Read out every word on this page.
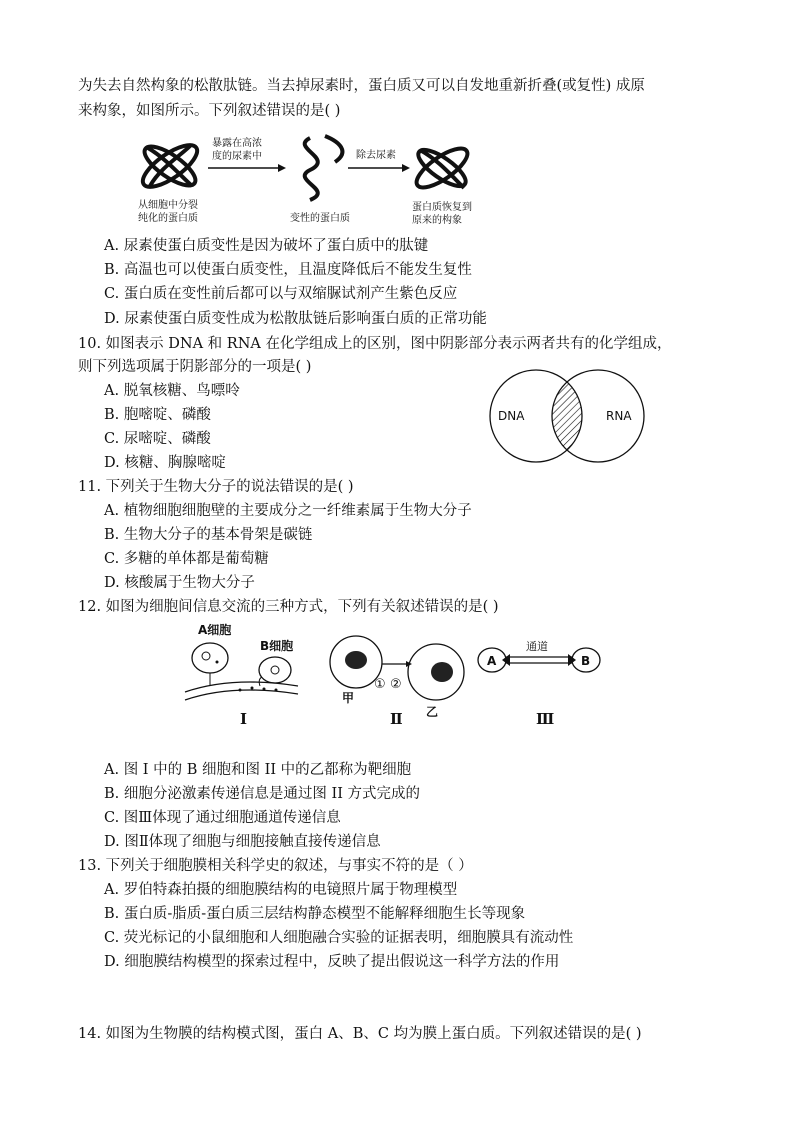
为失去自然构象的松散肽链。当去掉尿素时，蛋白质又可以自发地重新折叠(或复性) 成原
来构象，如图所示。下列叙述错误的是( )
从细胞中分裂
纯化的蛋白质
暴露在高浓
度的尿素中
变性的蛋白质
除去尿素
蛋白质恢复到
原来的构象
A. 尿素使蛋白质变性是因为破坏了蛋白质中的肽键
B. 高温也可以使蛋白质变性，且温度降低后不能发生复性
C. 蛋白质在变性前后都可以与双缩脲试剂产生紫色反应
D. 尿素使蛋白质变性成为松散肽链后影响蛋白质的正常功能
10. 如图表示 DNA 和 RNA 在化学组成上的区别，图中阴影部分表示两者共有的化学组成，
则下列选项属于阴影部分的一项是( )
A. 脱氧核糖、鸟嘌呤
B. 胞嘧啶、磷酸
C. 尿嘧啶、磷酸
D. 核糖、胸腺嘧啶
DNA	RNA
11. 下列关于生物大分子的说法错误的是( )
A. 植物细胞细胞壁的主要成分之一纤维素属于生物大分子
B. 生物大分子的基本骨架是碳链
C. 多糖的单体都是葡萄糖
D. 核酸属于生物大分子
12. 如图为细胞间信息交流的三种方式，下列有关叙述错误的是( )
A细胞
B细胞
I
甲
① ②
乙
Ⅱ
A	B
通道
Ⅲ
A. 图 I 中的 B 细胞和图 II 中的乙都称为靶细胞
B. 细胞分泌激素传递信息是通过图 II 方式完成的
C. 图Ⅲ体现了通过细胞通道传递信息
D. 图Ⅱ体现了细胞与细胞接触直接传递信息
13. 下列关于细胞膜相关科学史的叙述，与事实不符的是（ ）
A. 罗伯特森拍摄的细胞膜结构的电镜照片属于物理模型
B. 蛋白质-脂质-蛋白质三层结构静态模型不能解释细胞生长等现象
C. 荧光标记的小鼠细胞和人细胞融合实验的证据表明，细胞膜具有流动性
D. 细胞膜结构模型的探索过程中，反映了提出假说这一科学方法的作用
14. 如图为生物膜的结构模式图，蛋白 A、B、C 均为膜上蛋白质。下列叙述错误的是( )
